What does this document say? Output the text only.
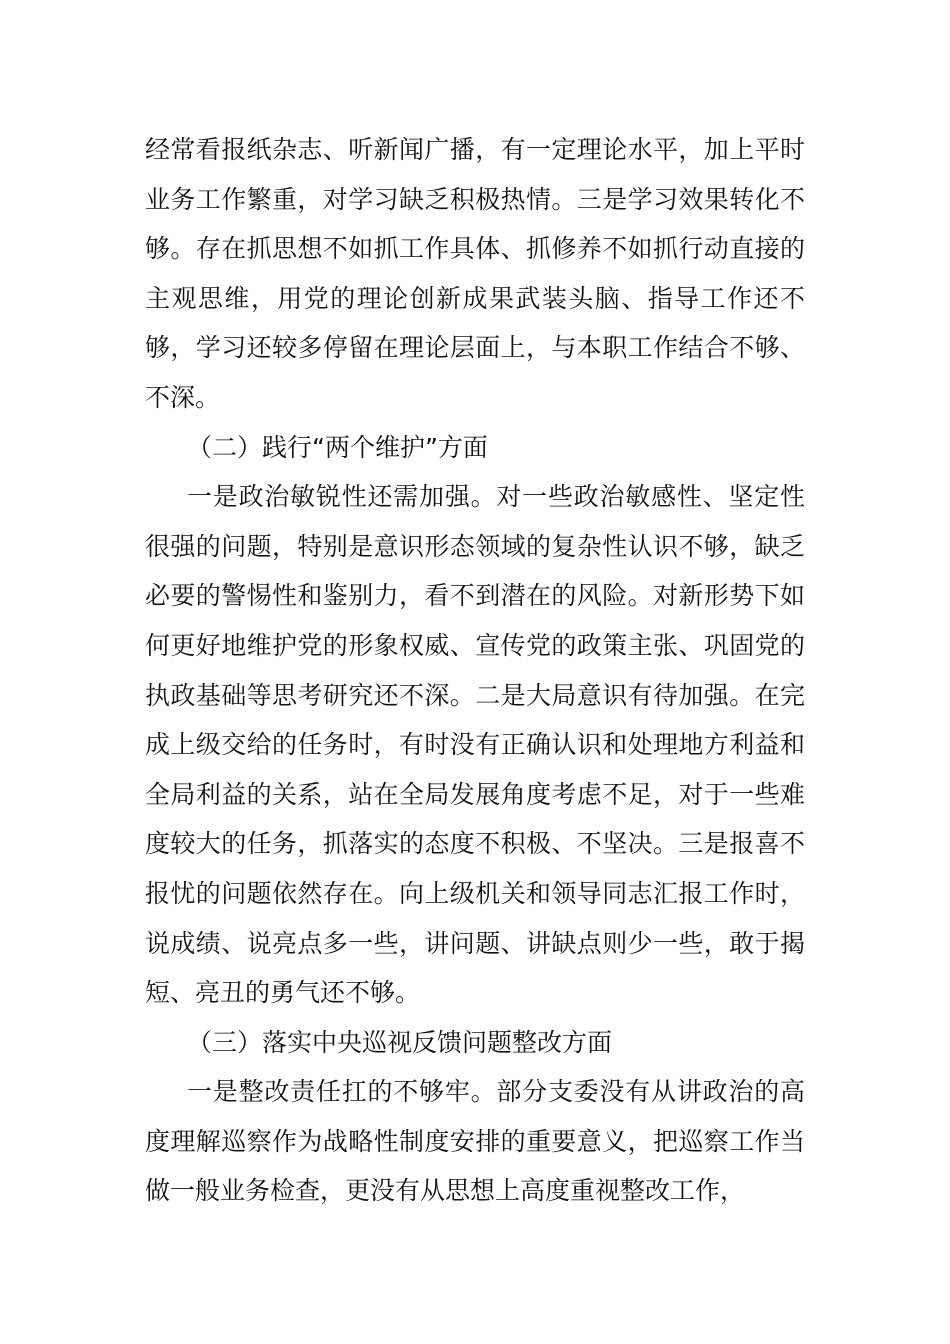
经常看报纸杂志、听新闻广播，有一定理论水平，加上平时业务工作繁重，对学习缺乏积极热情。三是学习效果转化不够。存在抓思想不如抓工作具体、抓修养不如抓行动直接的主观思维，用党的理论创新成果武装头脑、指导工作还不够，学习还较多停留在理论层面上，与本职工作结合不够、不深。

（二）践行“两个维护”方面

一是政治敏锐性还需加强。对一些政治敏感性、坚定性很强的问题，特别是意识形态领域的复杂性认识不够，缺乏必要的警惕性和鉴别力，看不到潜在的风险。对新形势下如何更好地维护党的形象权威、宣传党的政策主张、巩固党的执政基础等思考研究还不深。二是大局意识有待加强。在完成上级交给的任务时，有时没有正确认识和处理地方利益和全局利益的关系，站在全局发展角度考虑不足，对于一些难度较大的任务，抓落实的态度不积极、不坚决。三是报喜不报忧的问题依然存在。向上级机关和领导同志汇报工作时，说成绩、说亮点多一些，讲问题、讲缺点则少一些，敢于揭短、亮丑的勇气还不够。

（三）落实中央巡视反馈问题整改方面

一是整改责任扛的不够牢。部分支委没有从讲政治的高度理解巡察作为战略性制度安排的重要意义，把巡察工作当做一般业务检查，更没有从思想上高度重视整改工作，
